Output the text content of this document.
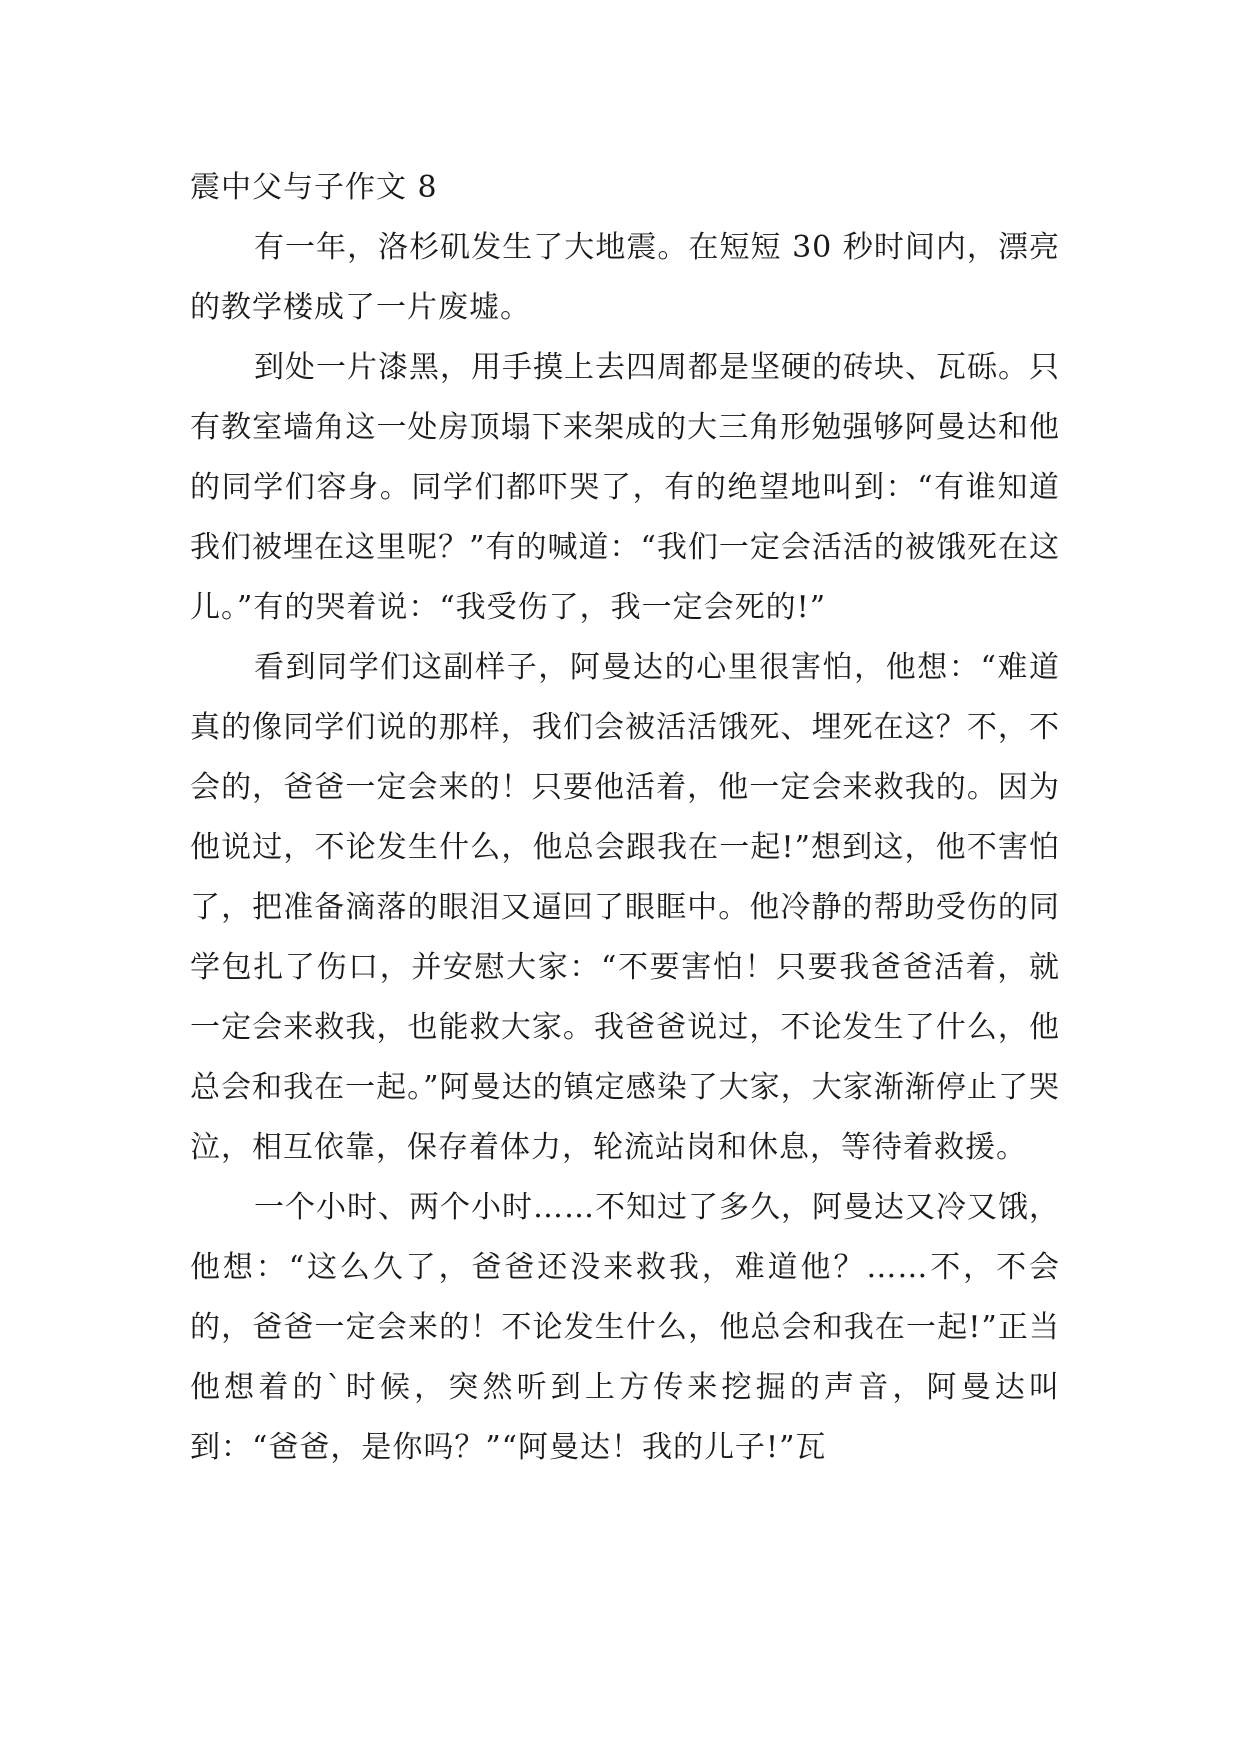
震中父与子作文 8

有一年，洛杉矶发生了大地震。在短短 30 秒时间内，漂亮的教学楼成了一片废墟。

到处一片漆黑，用手摸上去四周都是坚硬的砖块、瓦砾。只有教室墙角这一处房顶塌下来架成的大三角形勉强够阿曼达和他的同学们容身。同学们都吓哭了，有的绝望地叫到：“有谁知道我们被埋在这里呢？”有的喊道：“我们一定会活活的被饿死在这儿。”有的哭着说：“我受伤了，我一定会死的!”

看到同学们这副样子，阿曼达的心里很害怕，他想：“难道真的像同学们说的那样，我们会被活活饿死、埋死在这？不，不会的，爸爸一定会来的！只要他活着，他一定会来救我的。因为他说过，不论发生什么，他总会跟我在一起!”想到这，他不害怕了，把准备滴落的眼泪又逼回了眼眶中。他冷静的帮助受伤的同学包扎了伤口，并安慰大家：“不要害怕！只要我爸爸活着，就一定会来救我，也能救大家。我爸爸说过，不论发生了什么，他总会和我在一起。”阿曼达的镇定感染了大家，大家渐渐停止了哭泣，相互依靠，保存着体力，轮流站岗和休息，等待着救援。

一个小时、两个小时……不知过了多久，阿曼达又冷又饿，他想：“这么久了，爸爸还没来救我，难道他？……不，不会的，爸爸一定会来的！不论发生什么，他总会和我在一起!”正当他想着的`时候，突然听到上方传来挖掘的声音，阿曼达叫到：“爸爸，是你吗？”“阿曼达！我的儿子!”瓦
